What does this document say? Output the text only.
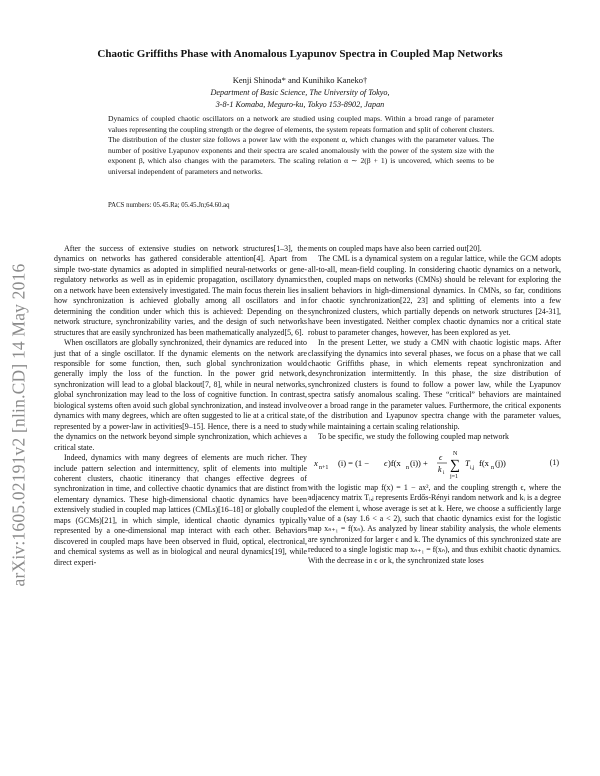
arXiv:1605.02191v2 [nlin.CD] 14 May 2016
Chaotic Griffiths Phase with Anomalous Lyapunov Spectra in Coupled Map Networks
Kenji Shinoda* and Kunihiko Kaneko†
Department of Basic Science, The University of Tokyo,
3-8-1 Komaba, Meguro-ku, Tokyo 153-8902, Japan
Dynamics of coupled chaotic oscillators on a network are studied using coupled maps. Within a broad range of parameter values representing the coupling strength or the degree of elements, the system repeats formation and split of coherent clusters. The distribution of the cluster size follows a power law with the exponent α, which changes with the parameter values. The number of positive Lyapunov exponents and their spectra are scaled anomalously with the power of the system size with the exponent β, which also changes with the parameters. The scaling relation α ∼ 2(β + 1) is uncovered, which seems to be universal independent of parameters and networks.
PACS numbers: 05.45.Ra; 05.45.Jn;64.60.aq

After the success of extensive studies on network structures[1–3], the dynamics on networks has gathered considerable attention[4]. Apart from simple two-state dynamics as adopted in simplified neural-networks or gene-regulatory networks as well as in epidemic propagation, oscillatory dynamics on a network have been extensively investigated. The main focus therein lies in how synchronization is achieved globally among all oscillators and in determining the condition under which this is achieved: Depending on the network structure, synchronizability varies, and the design of such networks structures that are easily synchronized has been mathematically analyzed[5, 6].

When oscillators are globally synchronized, their dynamics are reduced into just that of a single oscillator. If the dynamic elements on the network are responsible for some function, then, such global synchronization would generally imply the loss of the function. In the power grid network, synchronization will lead to a global blackout[7, 8], while in neural networks, global synchronization may lead to the loss of cognitive function. In contrast, biological systems often avoid such global synchronization, and instead involve dynamics with many degrees, which are often suggested to lie at a critical state, represented by a power-law in activities[9–15]. Hence, there is a need to study the dynamics on the network beyond simple synchronization, which achieves a critical state.

Indeed, dynamics with many degrees of elements are much richer. They include pattern selection and intermittency, split of elements into multiple coherent clusters, chaotic itinerancy that changes effective degrees of synchronization in time, and collective chaotic dynamics that are distinct from elementary dynamics. These high-dimensional chaotic dynamics have been extensively studied in coupled map lattices (CMLs)[16–18] or globally coupled maps (GCMs)[21], in which simple, identical chaotic dynamics typically represented by a one-dimensional map interact with each other. Behaviors discovered in coupled maps have been observed in fluid, optical, electronical, and chemical systems as well as in biological and neural dynamics[19], while direct experi-

ments on coupled maps have also been carried out[20].

The CML is a dynamical system on a regular lattice, while the GCM adopts all-to-all, mean-field coupling. In considering chaotic dynamics on a network, then, coupled maps on networks (CMNs) should be relevant for exploring the salient behaviors in high-dimensional dynamics. In CMNs, so far, conditions for chaotic synchronization[22, 23] and splitting of elements into a few synchronized clusters, which partially depends on network structures [24-31], have been investigated. Neither complex chaotic dynamics nor a critical state robust to parameter changes, however, has been explored as yet.

In the present Letter, we study a CMN with chaotic logistic maps. After classifying the dynamics into several phases, we focus on a phase that we call chaotic Griffiths phase, in which elements repeat synchronization and desynchronization intermittently. In this phase, the size distribution of synchronized clusters is found to follow a power law, while the Lyapunov spectra satisfy anomalous scaling. These “critical” behaviors are maintained over a broad range in the parameter values. Furthermore, the critical exponents of the distribution and Lyapunov spectra change with the parameter values, while maintaining a certain scaling relationship.

To be specific, we study the following coupled map network

x n+1 (i) = (1 − ϵ )f(x n (i)) +
ϵ
k i
N
∑
j=1
T i,j f(x n (j))	(1)

with the logistic map f(x) = 1 − ax², and the coupling strength ϵ, where the adjacency matrix Tᵢ,ⱼ represents Erdős-Rényi random network and kᵢ is a degree of the element i, whose average is set at k. Here, we choose a sufficiently large value of a (say 1.6 < a < 2), such that chaotic dynamics exist for the logistic map xₙ₊₁ = f(xₙ). As analyzed by linear stability analysis, the whole elements are synchronized for larger ϵ and k. The dynamics of this synchronized state are reduced to a single logistic map xₙ₊₁ = f(xₙ), and thus exhibit chaotic dynamics. With the decrease in ϵ or k, the synchronized state loses
